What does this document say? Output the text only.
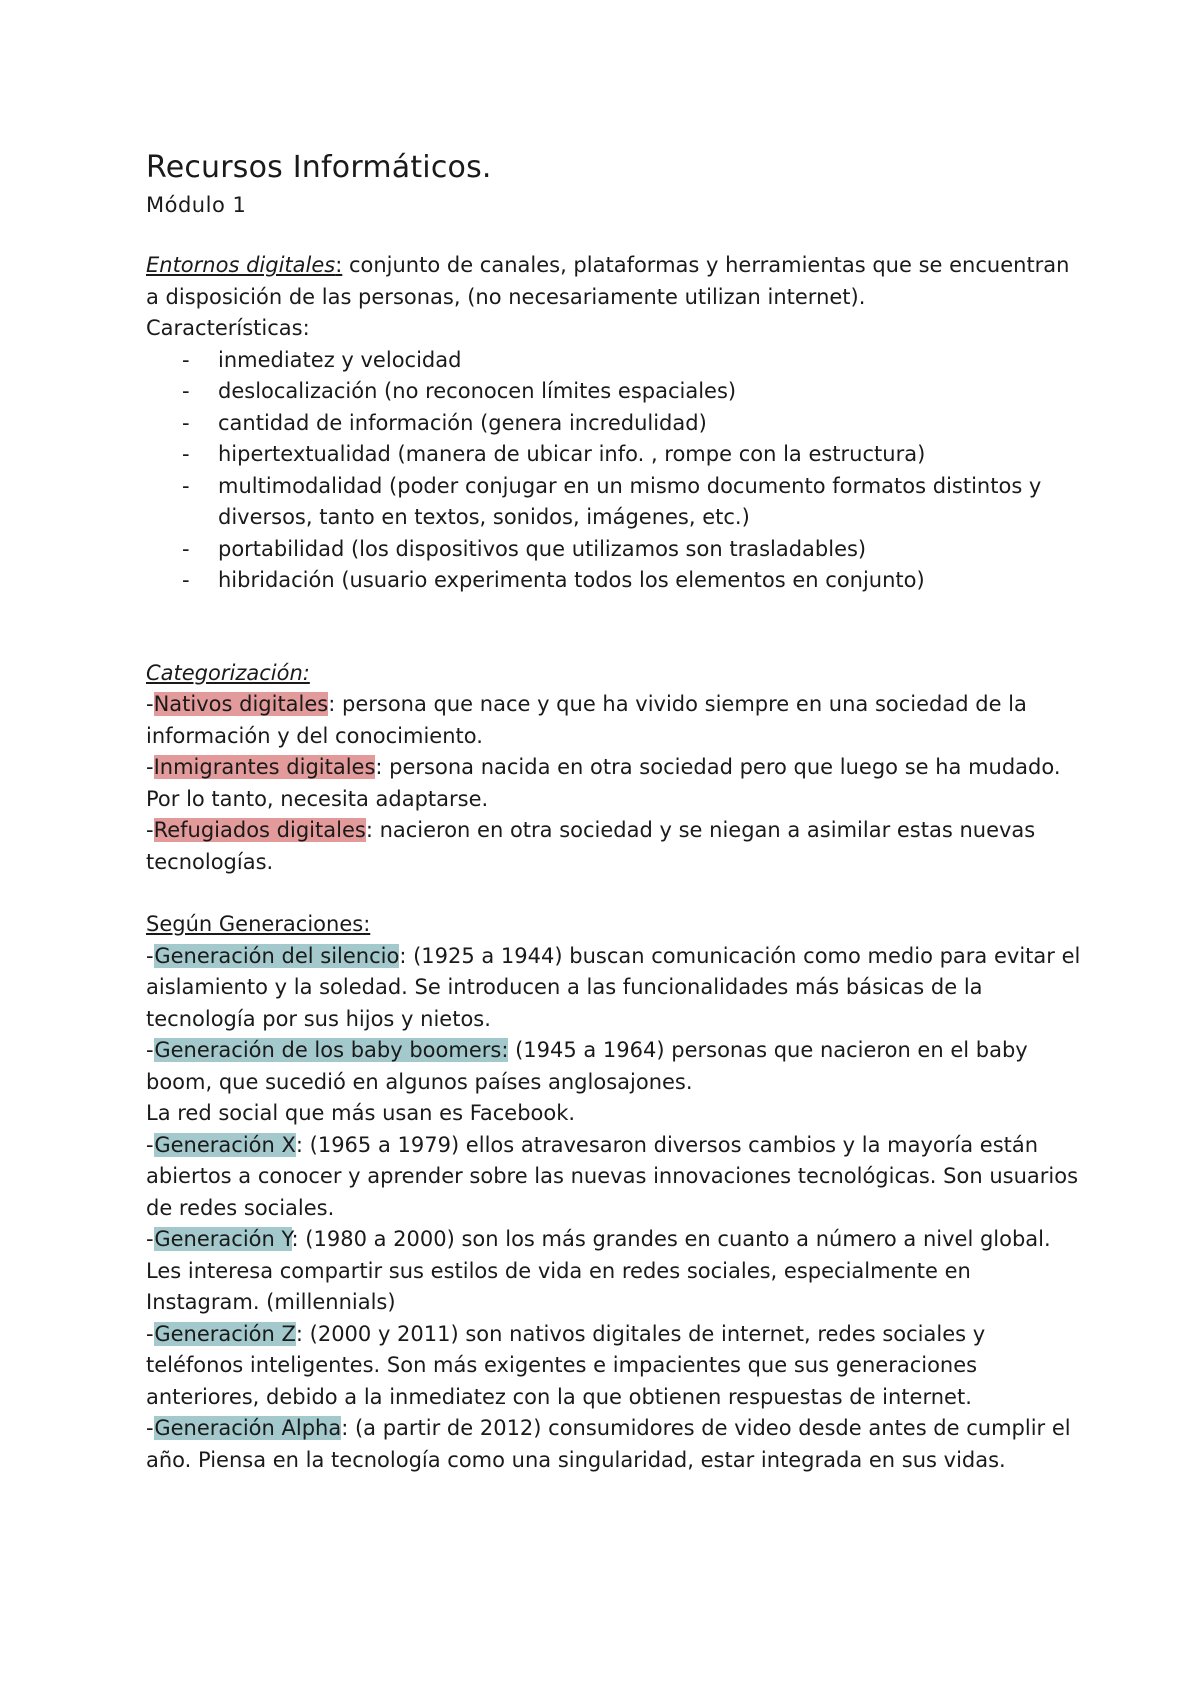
Recursos Informáticos.
Módulo 1

Entornos digitales: conjunto de canales, plataformas y herramientas que se encuentran a disposición de las personas, (no necesariamente utilizan internet).

Características:

- inmediatez y velocidad
- deslocalización (no reconocen límites espaciales)
- cantidad de información (genera incredulidad)
- hipertextualidad (manera de ubicar info. , rompe con la estructura)
- multimodalidad (poder conjugar en un mismo documento formatos distintos y diversos, tanto en textos, sonidos, imágenes, etc.)
- portabilidad (los dispositivos que utilizamos son trasladables)
- hibridación (usuario experimenta todos los elementos en conjunto)

Categorización:

-Nativos digitales: persona que nace y que ha vivido siempre en una sociedad de la información y del conocimiento.

-Inmigrantes digitales: persona nacida en otra sociedad pero que luego se ha mudado. Por lo tanto, necesita adaptarse.

-Refugiados digitales: nacieron en otra sociedad y se niegan a asimilar estas nuevas tecnologías.

Según Generaciones:

-Generación del silencio: (1925 a 1944) buscan comunicación como medio para evitar el aislamiento y la soledad. Se introducen a las funcionalidades más básicas de la tecnología por sus hijos y nietos.

-Generación de los baby boomers: (1945 a 1964) personas que nacieron en el baby boom, que sucedió en algunos países anglosajones.

La red social que más usan es Facebook.

-Generación X: (1965 a 1979) ellos atravesaron diversos cambios y la mayoría están abiertos a conocer y aprender sobre las nuevas innovaciones tecnológicas. Son usuarios de redes sociales.

-Generación Y: (1980 a 2000) son los más grandes en cuanto a número a nivel global. Les interesa compartir sus estilos de vida en redes sociales, especialmente en Instagram. (millennials)

-Generación Z: (2000 y 2011) son nativos digitales de internet, redes sociales y teléfonos inteligentes. Son más exigentes e impacientes que sus generaciones anteriores, debido a la inmediatez con la que obtienen respuestas de internet.

-Generación Alpha: (a partir de 2012) consumidores de video desde antes de cumplir el año. Piensa en la tecnología como una singularidad, estar integrada en sus vidas.
